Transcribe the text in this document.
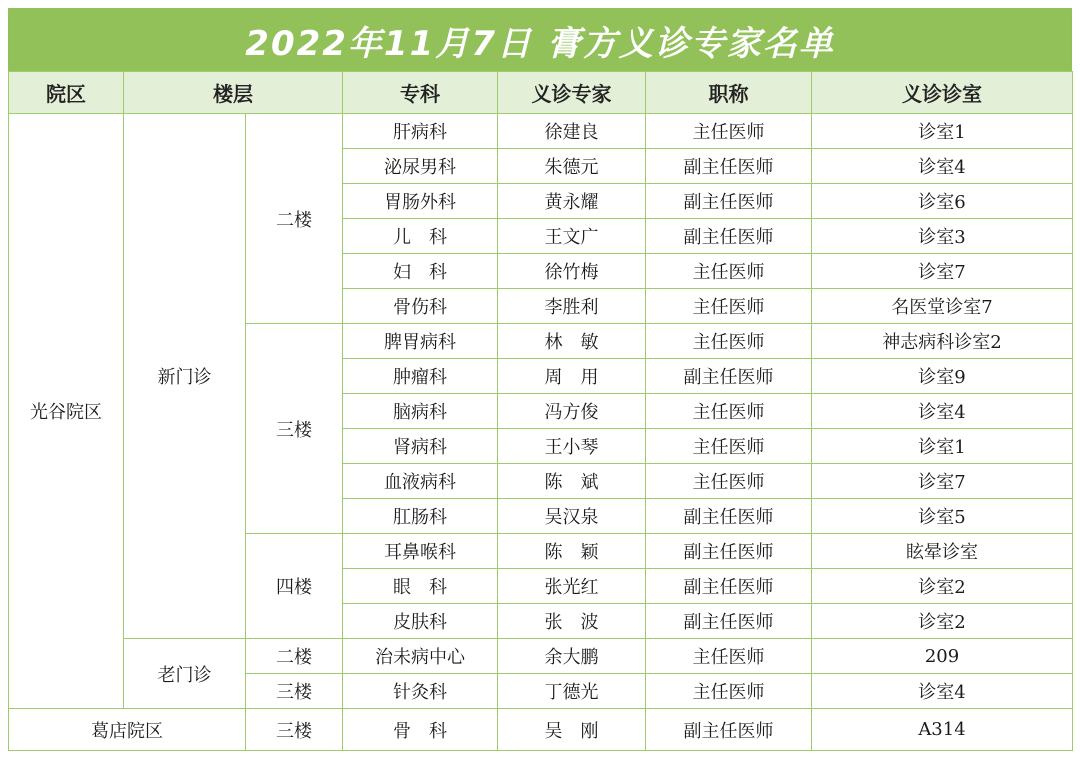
2022年11月7日 膏方义诊专家名单
院区	楼层		专科	义诊专家	职称	义诊诊室
光谷院区	新门诊	二楼	肝病科	徐建良	主任医师	诊室1
			泌尿男科	朱德元	副主任医师	诊室4
			胃肠外科	黄永耀	副主任医师	诊室6
			儿　科	王文广	副主任医师	诊室3
			妇　科	徐竹梅	主任医师	诊室7
			骨伤科	李胜利	主任医师	名医堂诊室7
		三楼	脾胃病科	林　敏	主任医师	神志病科诊室2
			肿瘤科	周　用	副主任医师	诊室9
			脑病科	冯方俊	主任医师	诊室4
			肾病科	王小琴	主任医师	诊室1
			血液病科	陈　斌	主任医师	诊室7
			肛肠科	吴汉泉	副主任医师	诊室5
		四楼	耳鼻喉科	陈　颖	副主任医师	眩晕诊室
			眼　科	张光红	副主任医师	诊室2
			皮肤科	张　波	副主任医师	诊室2
	老门诊	二楼	治未病中心	余大鹏	主任医师	209
		三楼	针灸科	丁德光	主任医师	诊室4
葛店院区		三楼	骨　科	吴　刚	副主任医师	A314
